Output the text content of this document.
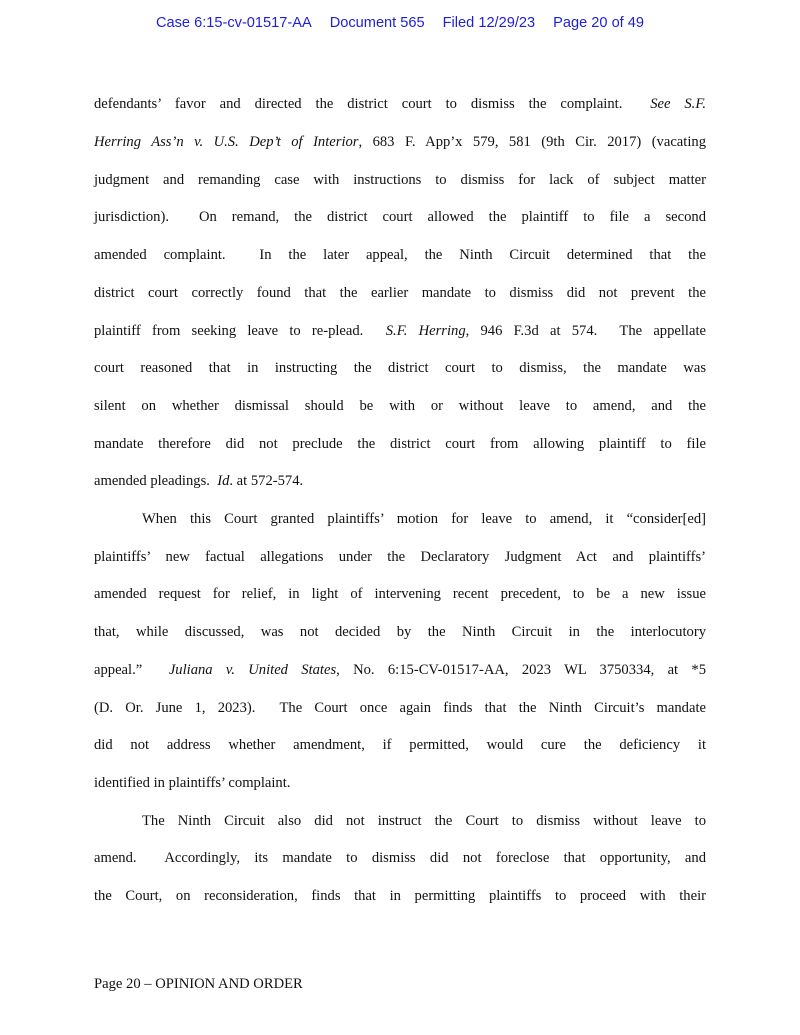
Case 6:15-cv-01517-AA Document 565 Filed 12/29/23 Page 20 of 49
defendants’ favor and directed the district court to dismiss the complaint.  See S.F.
Herring Ass’n v. U.S. Dep’t of Interior, 683 F. App’x 579, 581 (9th Cir. 2017) (vacating
judgment and remanding case with instructions to dismiss for lack of subject matter
jurisdiction).  On remand, the district court allowed the plaintiff to file a second
amended complaint.  In the later appeal, the Ninth Circuit determined that the
district court correctly found that the earlier mandate to dismiss did not prevent the
plaintiff from seeking leave to re-plead.  S.F. Herring, 946 F.3d at 574.  The appellate
court reasoned that in instructing the district court to dismiss, the mandate was
silent on whether dismissal should be with or without leave to amend, and the
mandate therefore did not preclude the district court from allowing plaintiff to file
amended pleadings.  Id. at 572-574.
When this Court granted plaintiffs’ motion for leave to amend, it “consider[ed]
plaintiffs’ new factual allegations under the Declaratory Judgment Act and plaintiffs’
amended request for relief, in light of intervening recent precedent, to be a new issue
that, while discussed, was not decided by the Ninth Circuit in the interlocutory
appeal.”  Juliana v. United States, No. 6:15-CV-01517-AA, 2023 WL 3750334, at *5
(D. Or. June 1, 2023).  The Court once again finds that the Ninth Circuit’s mandate
did not address whether amendment, if permitted, would cure the deficiency it
identified in plaintiffs’ complaint.
The Ninth Circuit also did not instruct the Court to dismiss without leave to
amend.  Accordingly, its mandate to dismiss did not foreclose that opportunity, and
the Court, on reconsideration, finds that in permitting plaintiffs to proceed with their
Page 20 – OPINION AND ORDER
